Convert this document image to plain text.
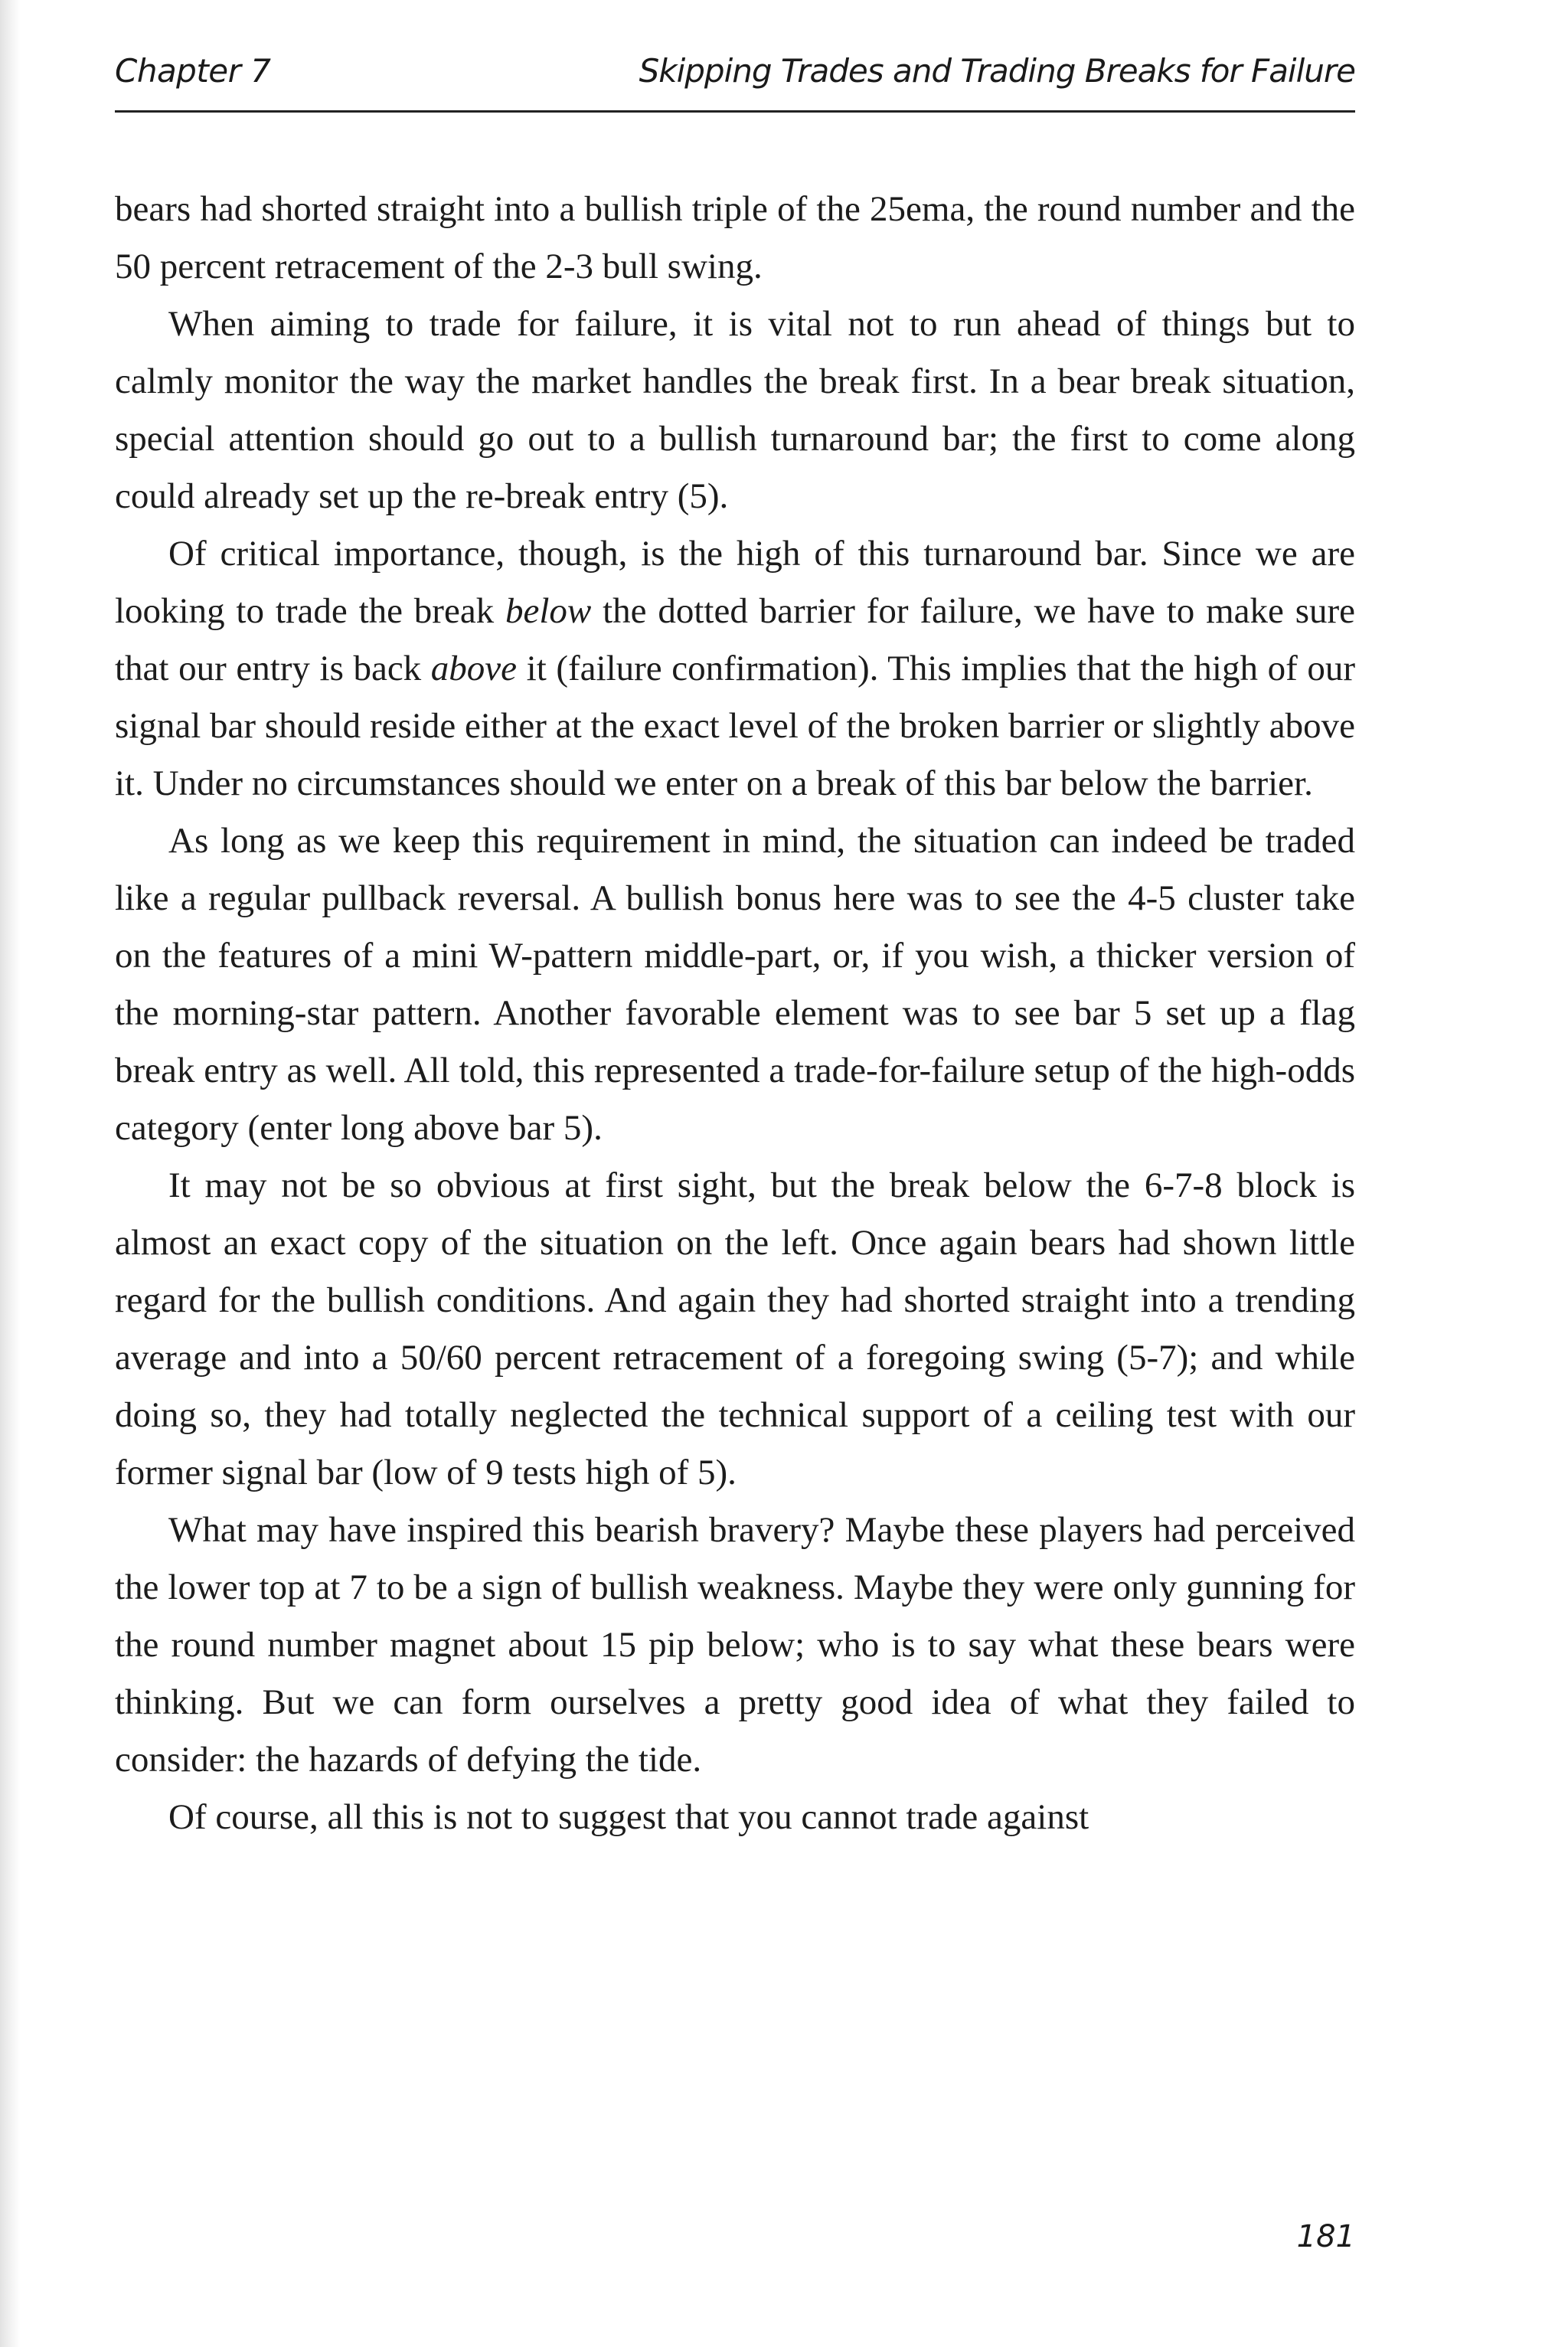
Chapter 7	Skipping Trades and Trading Breaks for Failure

bears had shorted straight into a bullish triple of the 25ema, the round number and the 50 percent retracement of the 2-3 bull swing.

When aiming to trade for failure, it is vital not to run ahead of things but to calmly monitor the way the market handles the break first. In a bear break situation, special attention should go out to a bullish turnaround bar; the first to come along could already set up the re-break entry (5).

Of critical importance, though, is the high of this turnaround bar. Since we are looking to trade the break below the dotted barrier for failure, we have to make sure that our entry is back above it (failure confirmation). This implies that the high of our signal bar should reside either at the exact level of the broken barrier or slightly above it. Under no circumstances should we enter on a break of this bar below the barrier.

As long as we keep this requirement in mind, the situation can indeed be traded like a regular pullback reversal. A bullish bonus here was to see the 4-5 cluster take on the features of a mini W-pattern middle-part, or, if you wish, a thicker version of the morning-star pattern. Another favorable element was to see bar 5 set up a flag break entry as well. All told, this represented a trade-for-failure setup of the high-odds category (enter long above bar 5).

It may not be so obvious at first sight, but the break below the 6-7-8 block is almost an exact copy of the situation on the left. Once again bears had shown little regard for the bullish conditions. And again they had shorted straight into a trending average and into a 50/60 percent retracement of a foregoing swing (5-7); and while doing so, they had totally neglected the technical support of a ceiling test with our former signal bar (low of 9 tests high of 5).

What may have inspired this bearish bravery? Maybe these players had perceived the lower top at 7 to be a sign of bullish weakness. Maybe they were only gunning for the round number magnet about 15 pip below; who is to say what these bears were thinking. But we can form ourselves a pretty good idea of what they failed to consider: the hazards of defying the tide.

Of course, all this is not to suggest that you cannot trade against

181
